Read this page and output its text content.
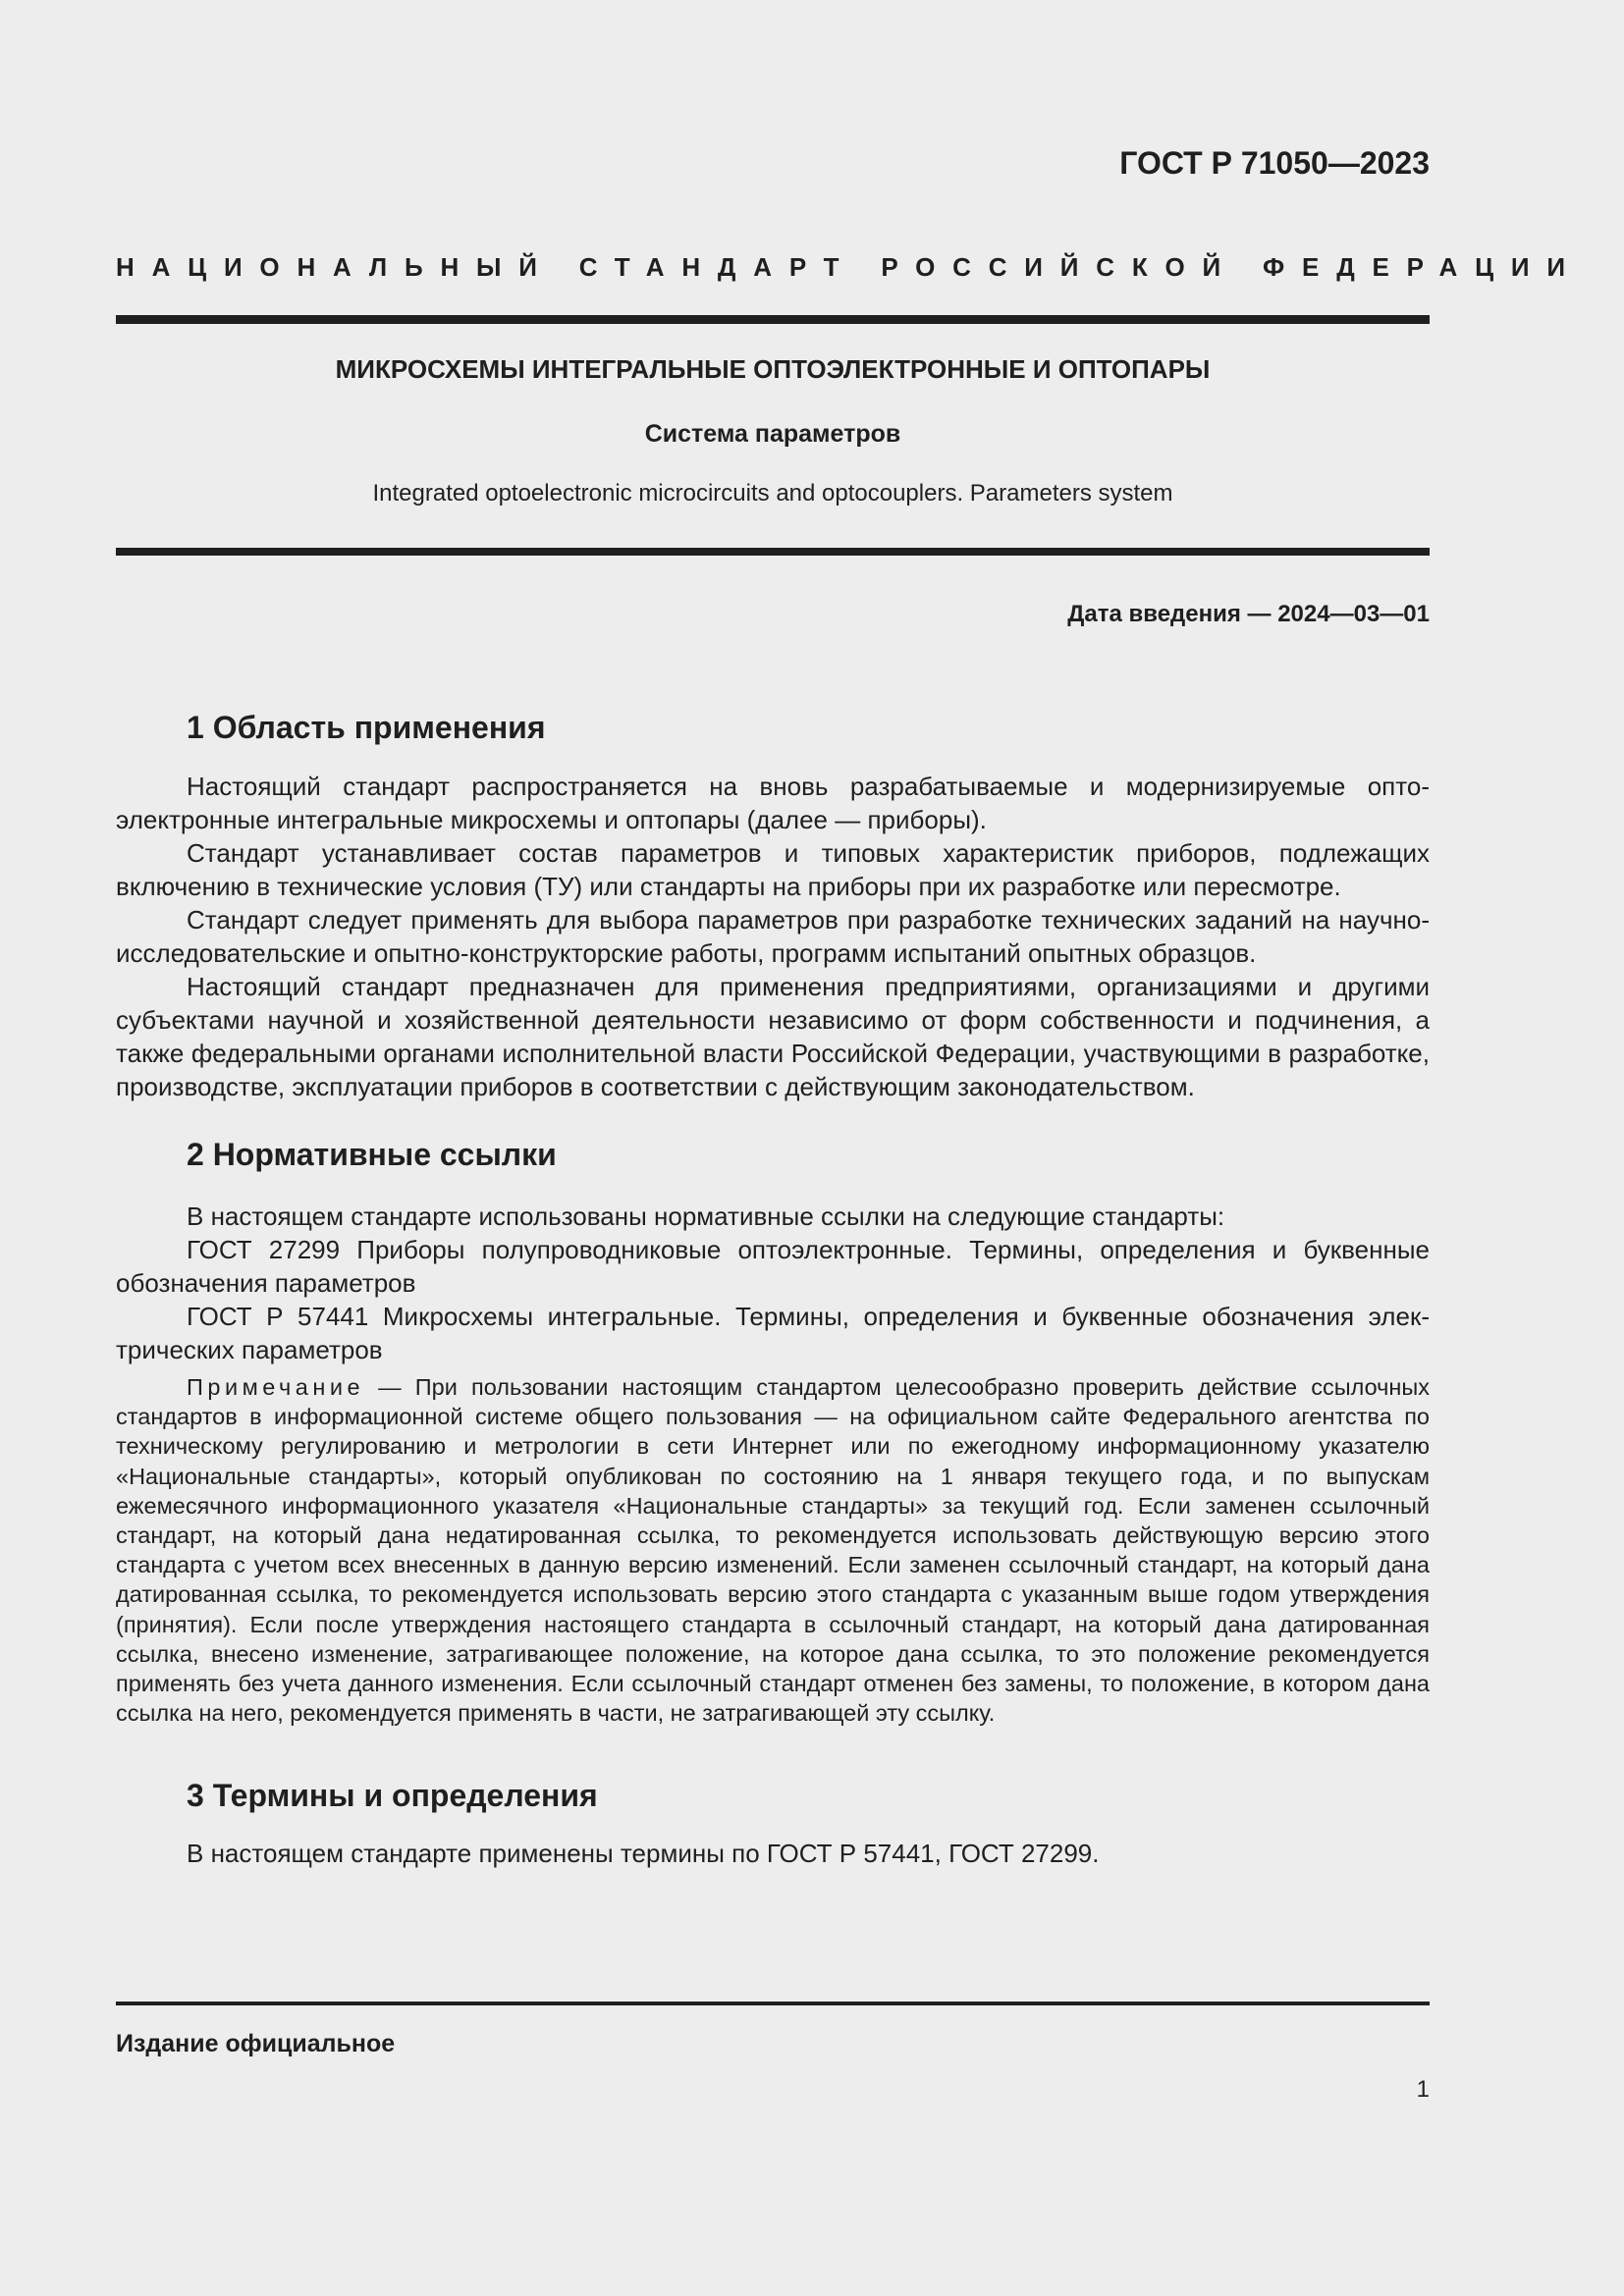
ГОСТ Р 71050—2023
НАЦИОНАЛЬНЫЙ СТАНДАРТ РОССИЙСКОЙ ФЕДЕРАЦИИ
МИКРОСХЕМЫ ИНТЕГРАЛЬНЫЕ ОПТОЭЛЕКТРОННЫЕ И ОПТОПАРЫ
Система параметров
Integrated optoelectronic microcircuits and optocouplers. Parameters system
Дата введения — 2024—03—01
1 Область применения

Настоящий стандарт распространяется на вновь разрабатываемые и модернизируемые оптоэлектронные интегральные микросхемы и оптопары (далее — приборы).

Стандарт устанавливает состав параметров и типовых характеристик приборов, подлежащих включению в технические условия (ТУ) или стандарты на приборы при их разработке или пересмотре.

Стандарт следует применять для выбора параметров при разработке технических заданий на научно-исследовательские и опытно-конструкторские работы, программ испытаний опытных образцов.

Настоящий стандарт предназначен для применения предприятиями, организациями и другими субъектами научной и хозяйственной деятельности независимо от форм собственности и подчинения, а также федеральными органами исполнительной власти Российской Федерации, участвующими в разработке, производстве, эксплуатации приборов в соответствии с действующим законодательством.

2 Нормативные ссылки

В настоящем стандарте использованы нормативные ссылки на следующие стандарты:

ГОСТ 27299 Приборы полупроводниковые оптоэлектронные. Термины, определения и буквенные обозначения параметров

ГОСТ Р 57441 Микросхемы интегральные. Термины, определения и буквенные обозначения электрических параметров

Примечание — При пользовании настоящим стандартом целесообразно проверить действие ссылочных стандартов в информационной системе общего пользования — на официальном сайте Федерального агентства по техническому регулированию и метрологии в сети Интернет или по ежегодному информационному указателю «Национальные стандарты», который опубликован по состоянию на 1 января текущего года, и по выпускам ежемесячного информационного указателя «Национальные стандарты» за текущий год. Если заменен ссылочный стандарт, на который дана недатированная ссылка, то рекомендуется использовать действующую версию этого стандарта с учетом всех внесенных в данную версию изменений. Если заменен ссылочный стандарт, на который дана датированная ссылка, то рекомендуется использовать версию этого стандарта с указанным выше годом утверждения (принятия). Если после утверждения настоящего стандарта в ссылочный стандарт, на который дана датированная ссылка, внесено изменение, затрагивающее положение, на которое дана ссылка, то это положение рекомендуется применять без учета данного изменения. Если ссылочный стандарт отменен без замены, то положение, в котором дана ссылка на него, рекомендуется применять в части, не затрагивающей эту ссылку.
3 Термины и определения

В настоящем стандарте применены термины по ГОСТ Р 57441, ГОСТ 27299.

Издание официальное
1
